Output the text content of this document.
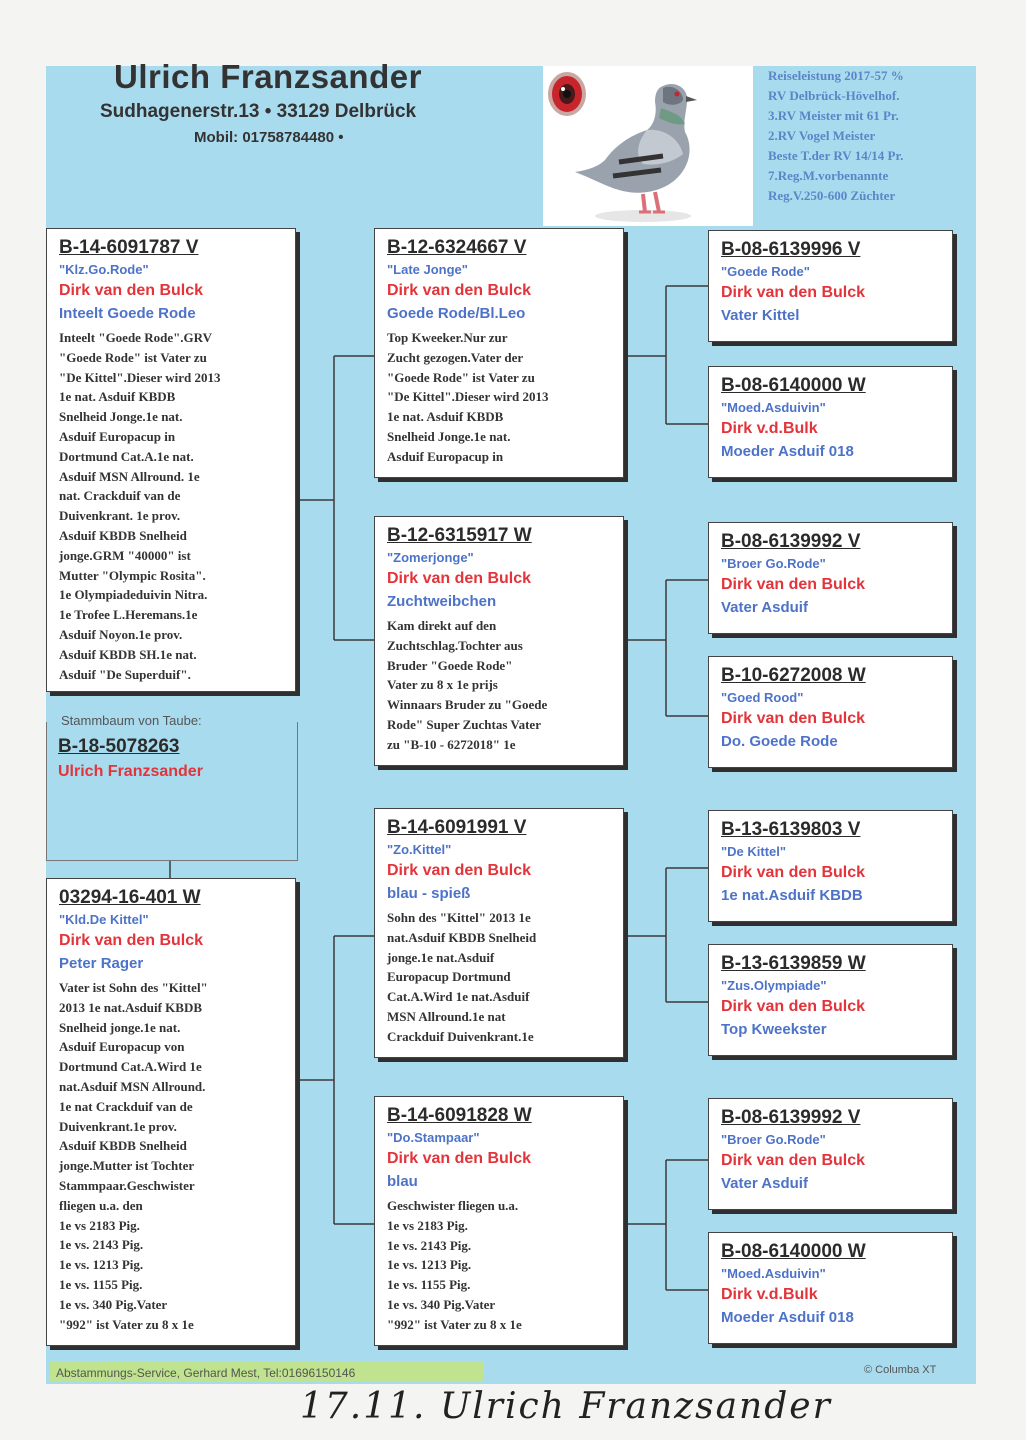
Ulrich Franzsander
Sudhagenerstr.13 • 33129 Delbrück
Mobil: 01758784480 •
Reiseleistung 2017-57 %
RV Delbrück-Hövelhof.
3.RV Meister mit 61 Pr.
2.RV Vogel Meister
Beste T.der RV 14/14 Pr.
7.Reg.M.vorbenannte
Reg.V.250-600 Züchter
Stammbaum von Taube:
B-18-5078263
Ulrich Franzsander
B-14-6091787 V
"Klz.Go.Rode"
Dirk van den Bulck
Inteelt Goede Rode
Inteelt "Goede Rode".GRV
"Goede Rode" ist Vater zu
"De Kittel".Dieser wird 2013
1e nat. Asduif KBDB
Snelheid Jonge.1e nat.
Asduif Europacup in
Dortmund Cat.A.1e nat.
Asduif MSN Allround. 1e
nat. Crackduif van de
Duivenkrant. 1e prov.
Asduif KBDB Snelheid
jonge.GRM "40000" ist
Mutter "Olympic Rosita".
1e Olympiadeduivin Nitra.
1e Trofee L.Heremans.1e
Asduif Noyon.1e prov.
Asduif KBDB SH.1e nat.
Asduif "De Superduif".
03294-16-401 W
"Kld.De Kittel"
Dirk van den Bulck
Peter Rager
Vater ist Sohn des "Kittel"
2013 1e nat.Asduif KBDB
Snelheid jonge.1e nat.
Asduif Europacup von
Dortmund Cat.A.Wird 1e
nat.Asduif MSN Allround.
1e nat Crackduif van de
Duivenkrant.1e prov.
Asduif KBDB Snelheid
jonge.Mutter ist Tochter
Stammpaar.Geschwister
fliegen u.a. den
1e vs 2183 Pig.
1e vs. 2143 Pig.
1e vs. 1213 Pig.
1e vs. 1155 Pig.
1e vs. 340 Pig.Vater
"992" ist Vater zu 8 x 1e
B-12-6324667 V
"Late Jonge"
Dirk van den Bulck
Goede Rode/Bl.Leo
Top Kweeker.Nur zur
Zucht gezogen.Vater der
"Goede Rode" ist Vater zu
"De Kittel".Dieser wird 2013
1e nat. Asduif KBDB
Snelheid Jonge.1e nat.
Asduif Europacup in
B-12-6315917 W
"Zomerjonge"
Dirk van den Bulck
Zuchtweibchen
Kam direkt auf den
Zuchtschlag.Tochter aus
Bruder "Goede Rode"
Vater zu 8 x 1e prijs
Winnaars Bruder zu "Goede
Rode" Super Zuchtas Vater
zu "B-10 - 6272018" 1e
B-14-6091991 V
"Zo.Kittel"
Dirk van den Bulck
blau - spieß
Sohn des "Kittel" 2013 1e
nat.Asduif KBDB Snelheid
jonge.1e nat.Asduif
Europacup Dortmund
Cat.A.Wird 1e nat.Asduif
MSN Allround.1e nat
Crackduif Duivenkrant.1e
B-14-6091828 W
"Do.Stampaar"
Dirk van den Bulck
blau
Geschwister fliegen u.a.
1e vs 2183 Pig.
1e vs. 2143 Pig.
1e vs. 1213 Pig.
1e vs. 1155 Pig.
1e vs. 340 Pig.Vater
"992" ist Vater zu 8 x 1e
B-08-6139996 V
"Goede Rode"
Dirk van den Bulck
Vater Kittel
B-08-6140000 W
"Moed.Asduivin"
Dirk v.d.Bulk
Moeder Asduif 018
B-08-6139992 V
"Broer Go.Rode"
Dirk van den Bulck
Vater Asduif
B-10-6272008 W
"Goed Rood"
Dirk van den Bulck
Do. Goede Rode
B-13-6139803 V
"De Kittel"
Dirk van den Bulck
1e nat.Asduif KBDB
B-13-6139859 W
"Zus.Olympiade"
Dirk van den Bulck
Top Kweekster
B-08-6139992 V
"Broer Go.Rode"
Dirk van den Bulck
Vater Asduif
B-08-6140000 W
"Moed.Asduivin"
Dirk v.d.Bulk
Moeder Asduif 018
Abstammungs-Service, Gerhard Mest, Tel:01696150146	© Columba XT
17.11. Ulrich Franzsander
